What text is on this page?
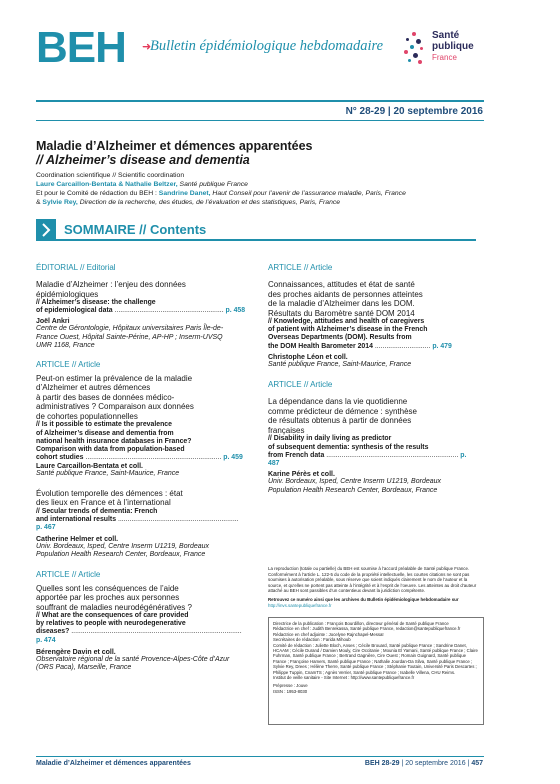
BEH ➜
Bulletin épidémiologique hebdomadaire
Santé
publique
France
N° 28-29 | 20 septembre 2016
Maladie d’Alzheimer et démences apparentées
// Alzheimer’s disease and dementia
Coordination scientifique // Scientific coordination
Laure Carcaillon-Bentata & Nathalie Beltzer, Santé publique France
Et pour le Comité de rédaction du BEH : Sandrine Danet, Haut Conseil pour l’avenir de l’assurance maladie, Paris, France
& Sylvie Rey, Direction de la recherche, des études, de l’évaluation et des statistiques, Paris, France
SOMMAIRE // Contents
ÉDITORIAL // Editorial
Maladie d’Alzheimer : l’enjeu des données
épidémiologiques
// Alzheimer’s disease: the challenge
of epidemiological data ......................................................... p. 458
Joël Ankri
Centre de Gérontologie, Hôpitaux universitaires Paris Île-de-
France Ouest, Hôpital Sainte-Périne, AP-HP ; Inserm-UVSQ
UMR 1168, France
ARTICLE // Article
Peut-on estimer la prévalence de la maladie
d’Alzheimer et autres démences
à partir des bases de données médico-
administratives ? Comparaison aux données
de cohortes populationnelles
// Is it possible to estimate the prevalence
of Alzheimer’s disease and dementia from
national health insurance databases in France?
Comparison with data from population-based
cohort studies ....................................................................... p. 459
Laure Carcaillon-Bentata et coll.
Santé publique France, Saint-Maurice, France
Évolution temporelle des démences : état
des lieux en France et à l’international
// Secular trends of dementia: French
and international results ............................................................... p. 467
Catherine Helmer et coll.
Univ. Bordeaux, Isped, Centre Inserm U1219, Bordeaux
Population Health Research Center, Bordeaux, France
ARTICLE // Article
Quelles sont les conséquences de l’aide
apportée par les proches aux personnes
souffrant de maladies neurodégénératives ?
// What are the consequences of care provided
by relatives to people with neurodegenerative
diseases? ......................................................................................... p. 474
Bérengère Davin et coll.
Observatoire régional de la santé Provence-Alpes-Côte d’Azur
(ORS Paca), Marseille, France
ARTICLE // Article
Connaissances, attitudes et état de santé
des proches aidants de personnes atteintes
de la maladie d’Alzheimer dans les DOM.
Résultats du Baromètre santé DOM 2014
// Knowledge, attitudes and health of caregivers
of patient with Alzheimer’s disease in the French
Overseas Departments (DOM). Results from
the DOM Health Barometer 2014 ............................. p. 479
Christophe Léon et coll.
Santé publique France, Saint-Maurice, France
ARTICLE // Article
La dépendance dans la vie quotidienne
comme prédicteur de démence : synthèse
de résultats obtenus à partir de données
françaises
// Disability in daily living as predictor
of subsequent dementia: synthesis of the results
from French data ..................................................................... p. 487
Karine Pérès et coll.
Univ. Bordeaux, Isped, Centre Inserm U1219, Bordeaux
Population Health Research Center, Bordeaux, France
La reproduction (totale ou partielle) du BEH est soumise à l’accord préalable de Santé publique France.
Conformément à l’article L. 122-5 du code de la propriété intellectuelle, les courtes citations ne sont pas
soumises à autorisation préalable, sous réserve que soient indiqués clairement le nom de l’auteur et la
source, et qu’elles ne portent pas atteinte à l’intégrité et à l’esprit de l’oeuvre. Les atteintes au droit d’auteur
attaché au BEH sont passibles d’un contentieux devant la juridiction compétente.
Retrouvez ce numéro ainsi que les archives du Bulletin épidémiologique hebdomadaire sur
http://invs.santepubliquefrance.fr
Directrice de la publication : François Bourdillon, directeur général de Santé publique France
Rédactrice en chef : Judith Benrekassa, Santé publique France, redaction@santepubliquefrance.fr
Rédactrice en chef adjointe : Jocelyne Rajnchapel-Messaï
Secrétaires de rédaction : Farida Mihoub
Comité de rédaction : Juliette Bloch, Anses ; Cécile Brouard, Santé publique France ; Sandrine Danet,
HCAAM ; Cécile Durand / Damien Mouly, Cire Occitanie ; Mounia El Yamani, Santé publique France ; Claire
Fuhrman, Santé publique France ; Bertrand Gagnière, Cire Ouest ; Romain Guignard, Santé publique
France ; Françoise Hamers, Santé publique France ; Nathalie Jourdan-Da Silva, Santé publique France ;
Sylvie Rey, Drees ; Hélène Therre, Santé publique France ; Stéphanie Toutain, Université Paris Descartes ;
Philippe Tuppin, CnamTS ; Agnès Verrier, Santé publique France ; Isabelle Villena, CHU Reims.
Institut de veille sanitaire - Site Internet : http://www.santepubliquefrance.fr
Prépresse : Jouve
ISSN : 1953-8030
Maladie d’Alzheimer et démences apparentées	BEH 28-29 | 20 septembre 2016 | 457
